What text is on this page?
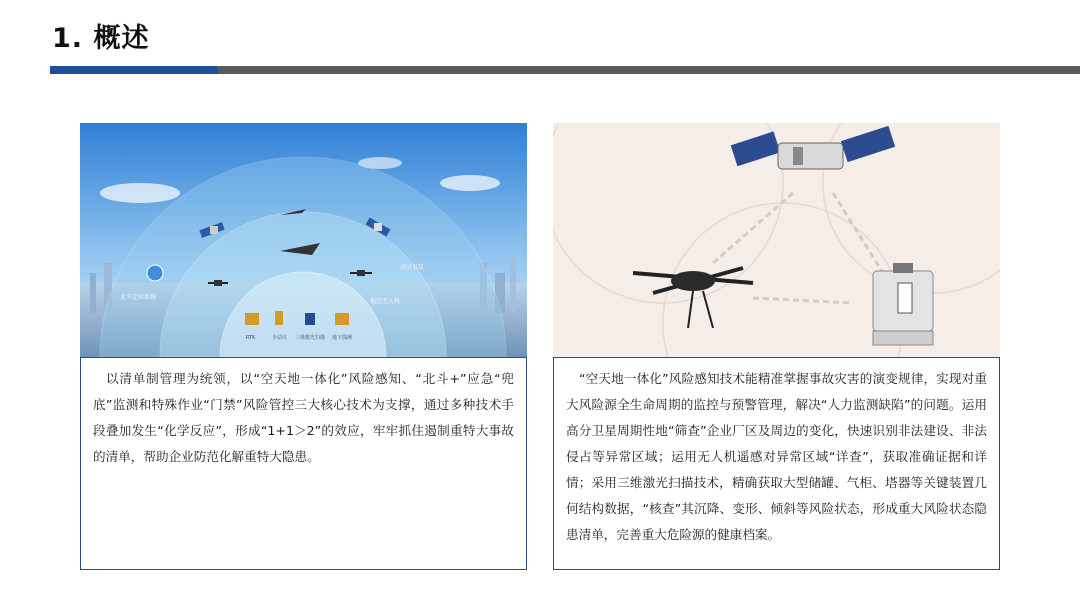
1. 概述
北斗定位系统
高分卫星
低空无人机
RTK	全站仪 三维激光扫描 地下探测

以清单制管理为统领，以“空天地一体化”风险感知、“北斗+”应急“兜底”监测和特殊作业“门禁”风险管控三大核心技术为支撑，通过多种技术手段叠加发生“化学反应”，形成“1+1＞2”的效应，牢牢抓住遏制重特大事故的清单，帮助企业防范化解重特大隐患。

“空天地一体化”风险感知技术能精准掌握事故灾害的演变规律，实现对重大风险源全生命周期的监控与预警管理，解决“人力监测缺陷”的问题。运用高分卫星周期性地“筛查”企业厂区及周边的变化，快速识别非法建设、非法侵占等异常区域；运用无人机遥感对异常区域“详查”，获取准确证据和详情；采用三维激光扫描技术，精确获取大型储罐、气柜、塔器等关键装置几何结构数据，“核查”其沉降、变形、倾斜等风险状态，形成重大风险状态隐患清单，完善重大危险源的健康档案。
